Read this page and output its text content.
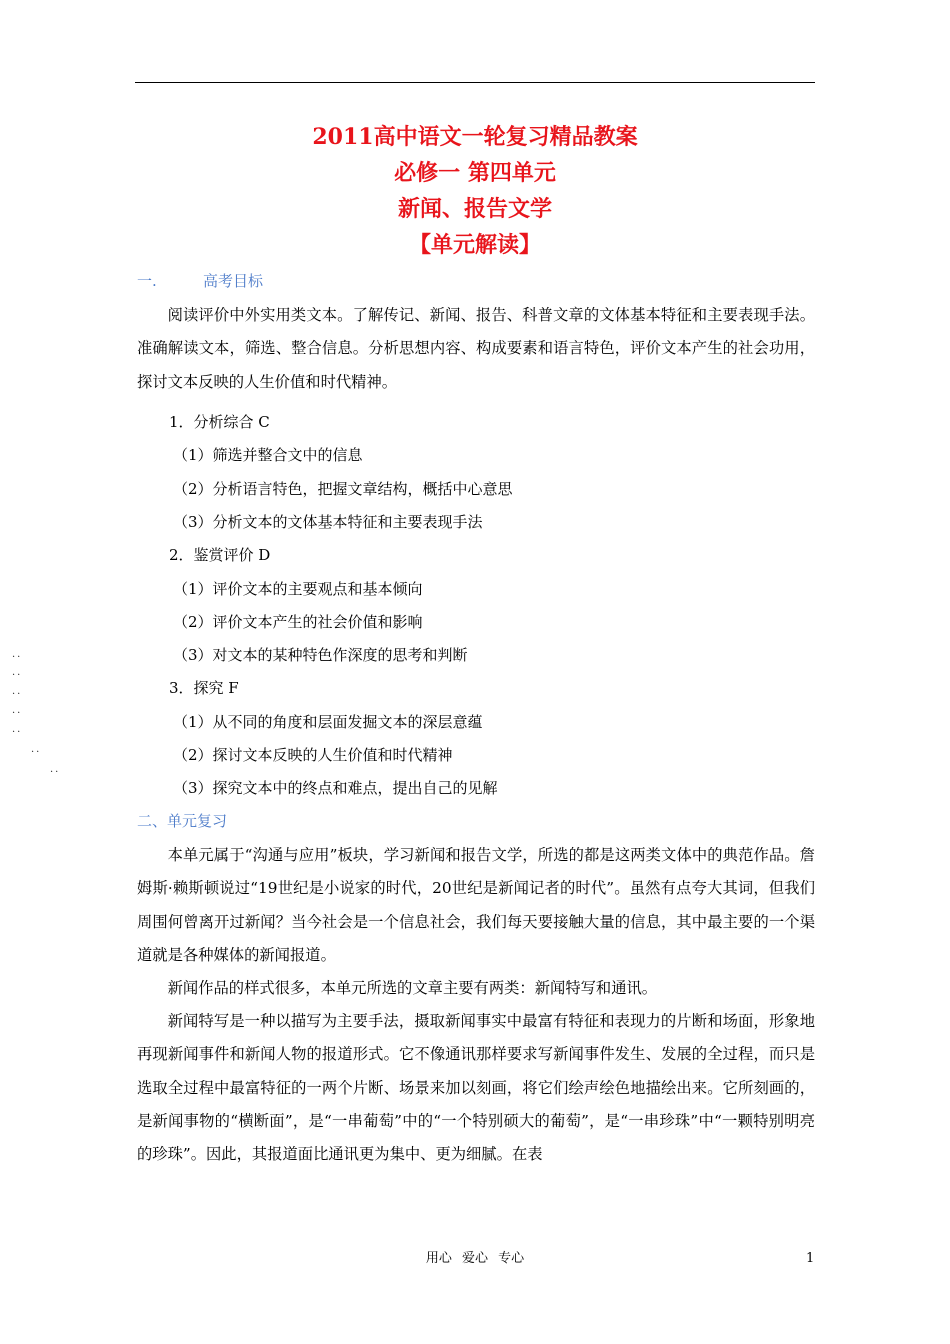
2011高中语文一轮复习精品教案
必修一 第四单元
新闻、报告文学
【单元解读】
一.	高考目标
阅读评价中外实用类文本。了解传记、新闻、报告、科普文章的文体基本特征和主要表现手法。准确解读文本，筛选、整合信息。分析思想内容、构成要素和语言特色，评价文本产生的社会功用，探讨文本反映的人生价值和时代精神。
1．分析综合 C
（1）筛选并整合文中的信息
（2）分析语言特色，把握文章结构，概括中心意思
（3）分析文本的文体基本特征和主要表现手法
2．鉴赏评价 D
（1）评价文本的主要观点和基本倾向
（2）评价文本产生的社会价值和影响
（3）对文本的某种特色作深度的思考和判断
3．探究 F
（1）从不同的角度和层面发掘文本的深层意蕴
（2）探讨文本反映的人生价值和时代精神
（3）探究文本中的终点和难点，提出自己的见解
二、单元复习
本单元属于“沟通与应用”板块，学习新闻和报告文学，所选的都是这两类文体中的典范作品。詹姆斯·赖斯顿说过“19世纪是小说家的时代，20世纪是新闻记者的时代”。虽然有点夸大其词，但我们周围何曾离开过新闻？当今社会是一个信息社会，我们每天要接触大量的信息，其中最主要的一个渠道就是各种媒体的新闻报道。
新闻作品的样式很多，本单元所选的文章主要有两类：新闻特写和通讯。
新闻特写是一种以描写为主要手法，摄取新闻事实中最富有特征和表现力的片断和场面，形象地再现新闻事件和新闻人物的报道形式。它不像通讯那样要求写新闻事件发生、发展的全过程，而只是选取全过程中最富特征的一两个片断、场景来加以刻画，将它们绘声绘色地描绘出来。它所刻画的，是新闻事物的“横断面”，是“一串葡萄”中的“一个特别硕大的葡萄”，是“一串珍珠”中“一颗特别明亮的珍珠”。因此，其报道面比通讯更为集中、更为细腻。在表
··
··
··
··
··
··
··
用心 爱心 专心	1
